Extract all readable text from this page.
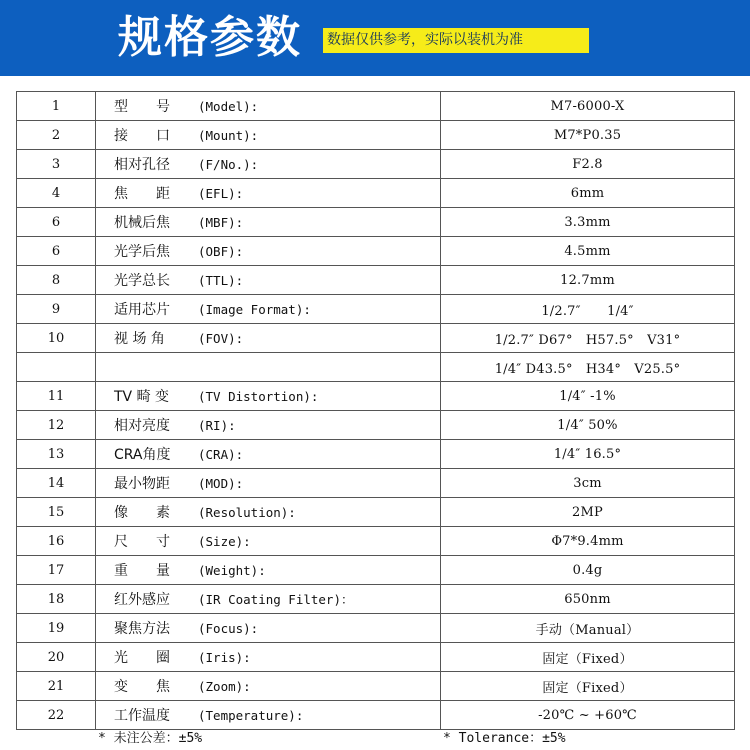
规格参数 数据仅供参考，实际以装机为准
1	型　　号 (Model):	M7-6000-X
2	接　　口 (Mount):	M7*P0.35
3	相对孔径 (F/No.):	F2.8
4	焦　　距 (EFL):	6mm
6	机械后焦 (MBF):	3.3mm
6	光学后焦 (OBF):	4.5mm
8	光学总长 (TTL):	12.7mm
9	适用芯片 (Image Format):	1/2.7″　　1/4″
10	视 场 角 (FOV):	1/2.7″ D67°　H57.5°　V31°
		1/4″ D43.5°　H34°　V25.5°
11	TV 畸 变 (TV Distortion):	1/4″ -1%
12	相对亮度 (RI):	1/4″ 50%
13	CRA角度 (CRA):	1/4″ 16.5°
14	最小物距 (MOD):	3cm
15	像　　素 (Resolution):	2MP
16	尺　　寸 (Size):	Φ7*9.4mm
17	重　　量 (Weight):	0.4g
18	红外感应 (IR Coating Filter)：	650nm
19	聚焦方法 (Focus):	手动（Manual）
20	光　　圈 (Iris):	固定（Fixed）
21	变　　焦 (Zoom):	固定（Fixed）
22	工作温度 (Temperature):	-20℃ ~ +60℃
* 未注公差：±5%	* Tolerance：±5%
